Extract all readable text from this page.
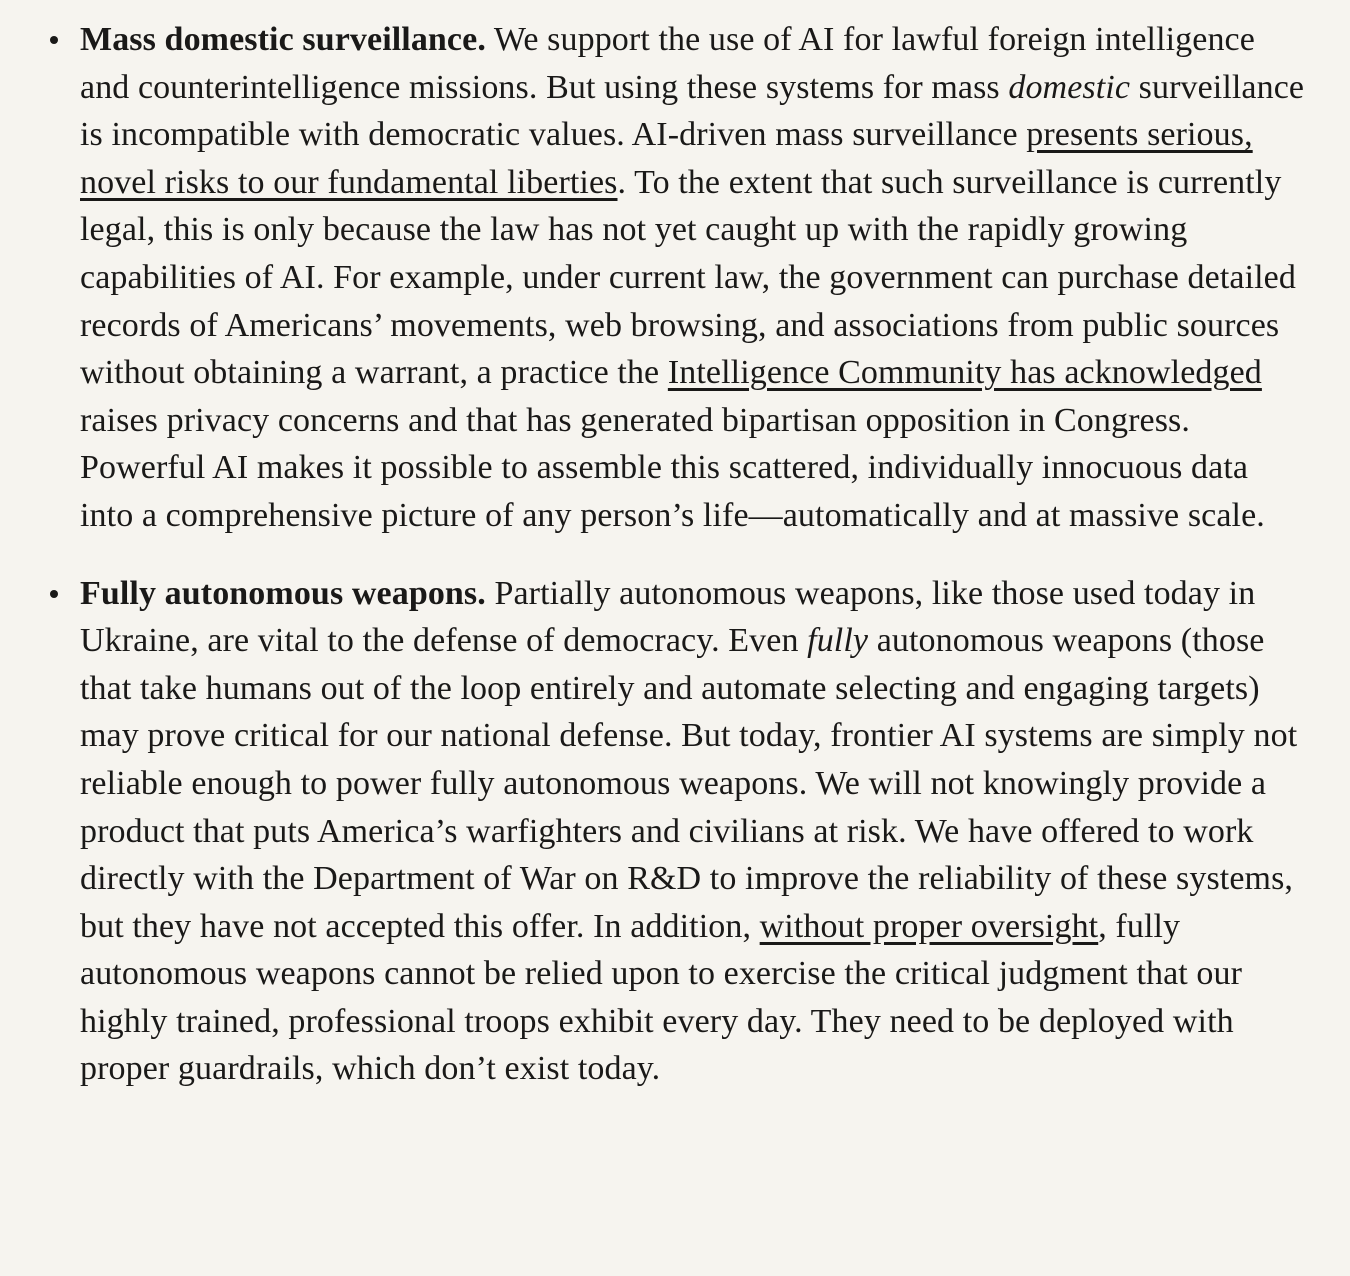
Mass domestic surveillance. We support the use of AI for lawful foreign intelligence and counterintelligence missions. But using these systems for mass domestic surveillance is incompatible with democratic values. AI-driven mass surveillance presents serious, novel risks to our fundamental liberties. To the extent that such surveillance is currently legal, this is only because the law has not yet caught up with the rapidly growing capabilities of AI. For example, under current law, the government can purchase detailed records of Americans’ movements, web browsing, and associations from public sources without obtaining a warrant, a practice the Intelligence Community has acknowledged raises privacy concerns and that has generated bipartisan opposition in Congress. Powerful AI makes it possible to assemble this scattered, individually innocuous data into a comprehensive picture of any person’s life—automatically and at massive scale.
Fully autonomous weapons. Partially autonomous weapons, like those used today in Ukraine, are vital to the defense of democracy. Even fully autonomous weapons (those that take humans out of the loop entirely and automate selecting and engaging targets) may prove critical for our national defense. But today, frontier AI systems are simply not reliable enough to power fully autonomous weapons. We will not knowingly provide a product that puts America’s warfighters and civilians at risk. We have offered to work directly with the Department of War on R&D to improve the reliability of these systems, but they have not accepted this offer. In addition, without proper oversight, fully autonomous weapons cannot be relied upon to exercise the critical judgment that our highly trained, professional troops exhibit every day. They need to be deployed with proper guardrails, which don’t exist today.
